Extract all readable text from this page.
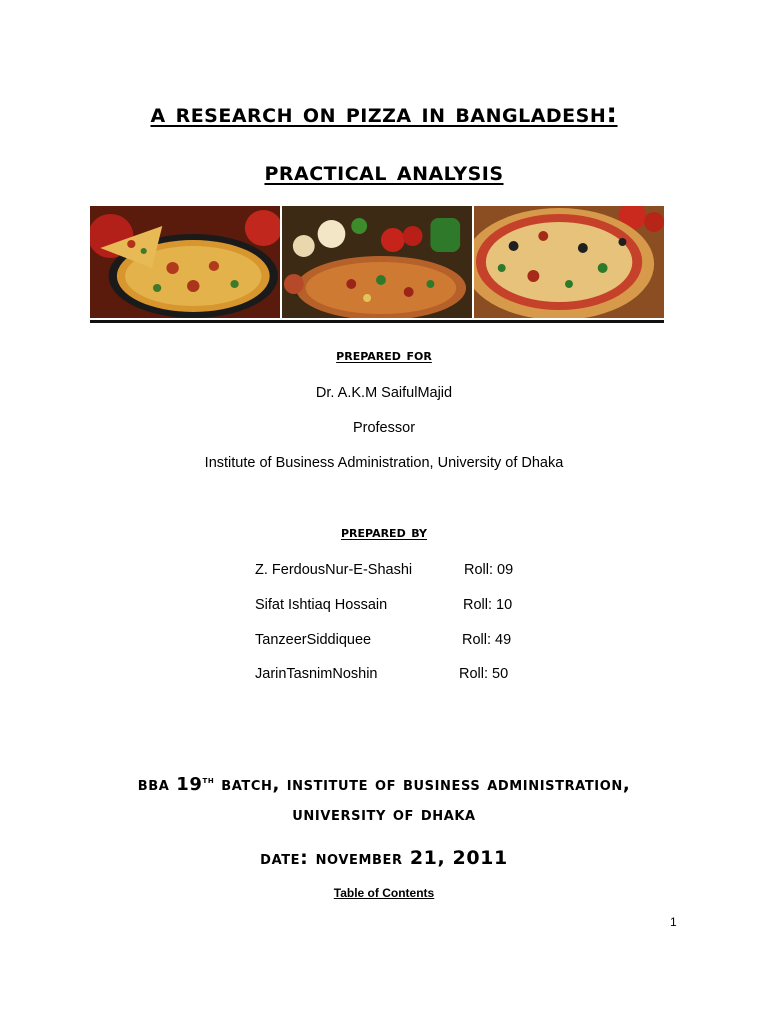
a research on pizza in bangladesh:
practical analysis
prepared for
Dr. A.K.M SaifulMajid
Professor
Institute of Business Administration, University of Dhaka
prepared by
Z. FerdousNur-E-Shashi	Roll: 09
Sifat Ishtiaq Hossain	Roll: 10
TanzeerSiddiquee	Roll: 49
JarinTasnimNoshin	Roll: 50
bba 19th batch, institute of business administration,
university of dhaka
date: november 21, 2011
Table of Contents
1
